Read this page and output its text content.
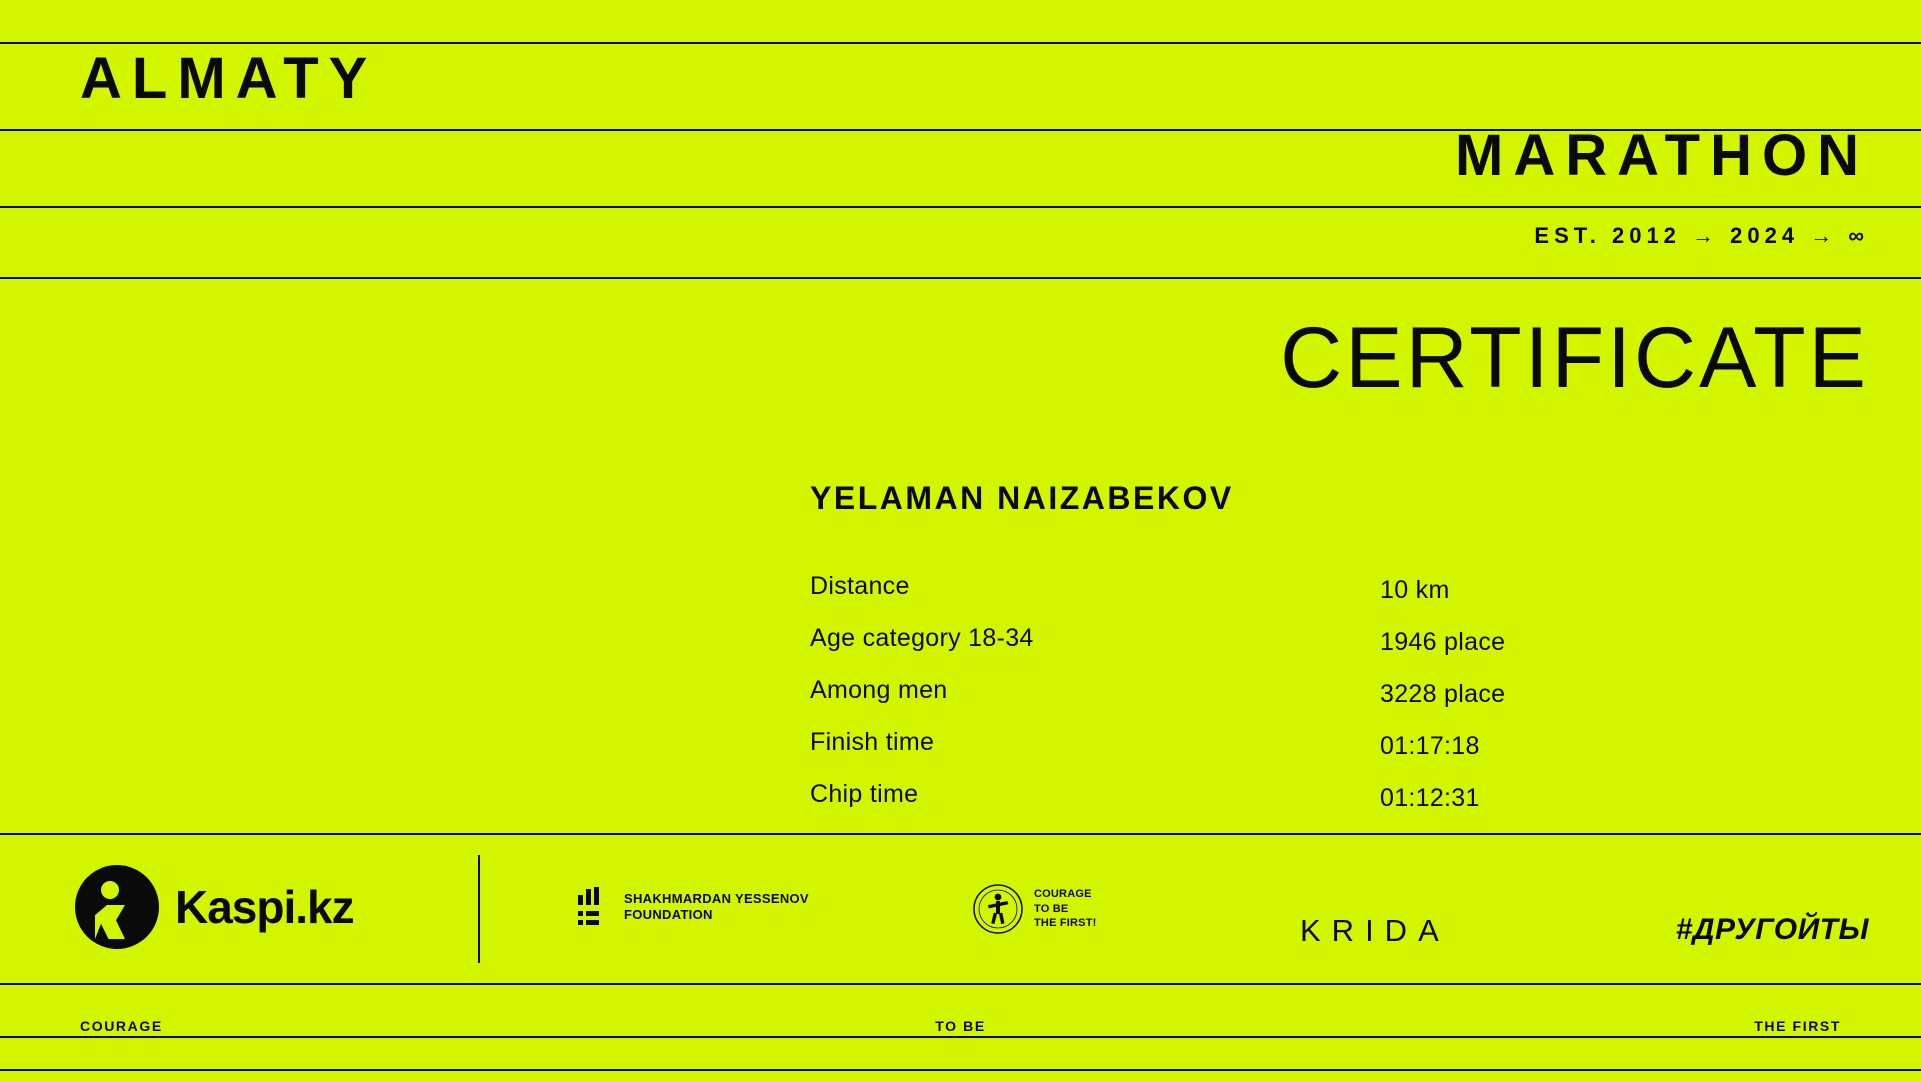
ALMATY
MARATHON
EST. 2012 → 2024 → ∞
CERTIFICATE
YELAMAN NAIZABEKOV
Distance	10 km
Age category 18-34	1946 place
Among men	3228 place
Finish time	01:17:18
Chip time	01:12:31
Kaspi.kz	SHAKHMARDAN YESSENOV
FOUNDATION
COURAGE
TO BE
THE FIRST!	KRIDA	#ДРУГОЙТЫ
COURAGE	TO BE	THE FIRST
